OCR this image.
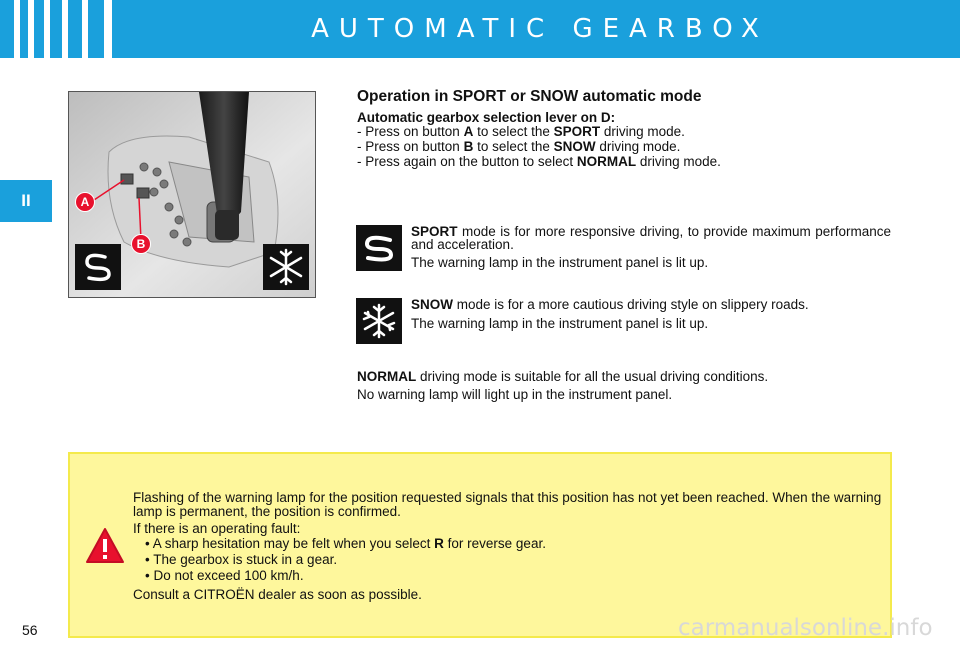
AUTOMATIC GEARBOX
II	A
B
Operation in SPORT or SNOW automatic mode
Automatic gearbox selection lever on D:
- Press on button A to select the SPORT driving mode.
- Press on button B to select the SNOW driving mode.
- Press again on the button to select NORMAL driving mode.
SPORT mode is for more responsive driving, to provide maximum performance and acceleration.
The warning lamp in the instrument panel is lit up.
SNOW mode is for a more cautious driving style on slippery roads.
The warning lamp in the instrument panel is lit up.
NORMAL driving mode is suitable for all the usual driving conditions.
No warning lamp will light up in the instrument panel.
Flashing of the warning lamp for the position requested signals that this position has not yet been reached. When the warning lamp is permanent, the position is confirmed.
If there is an operating fault:
• A sharp hesitation may be felt when you select R for reverse gear.
• The gearbox is stuck in a gear.
• Do not exceed 100 km/h.
Consult a CITROËN dealer as soon as possible.
56	carmanualsonline.info
